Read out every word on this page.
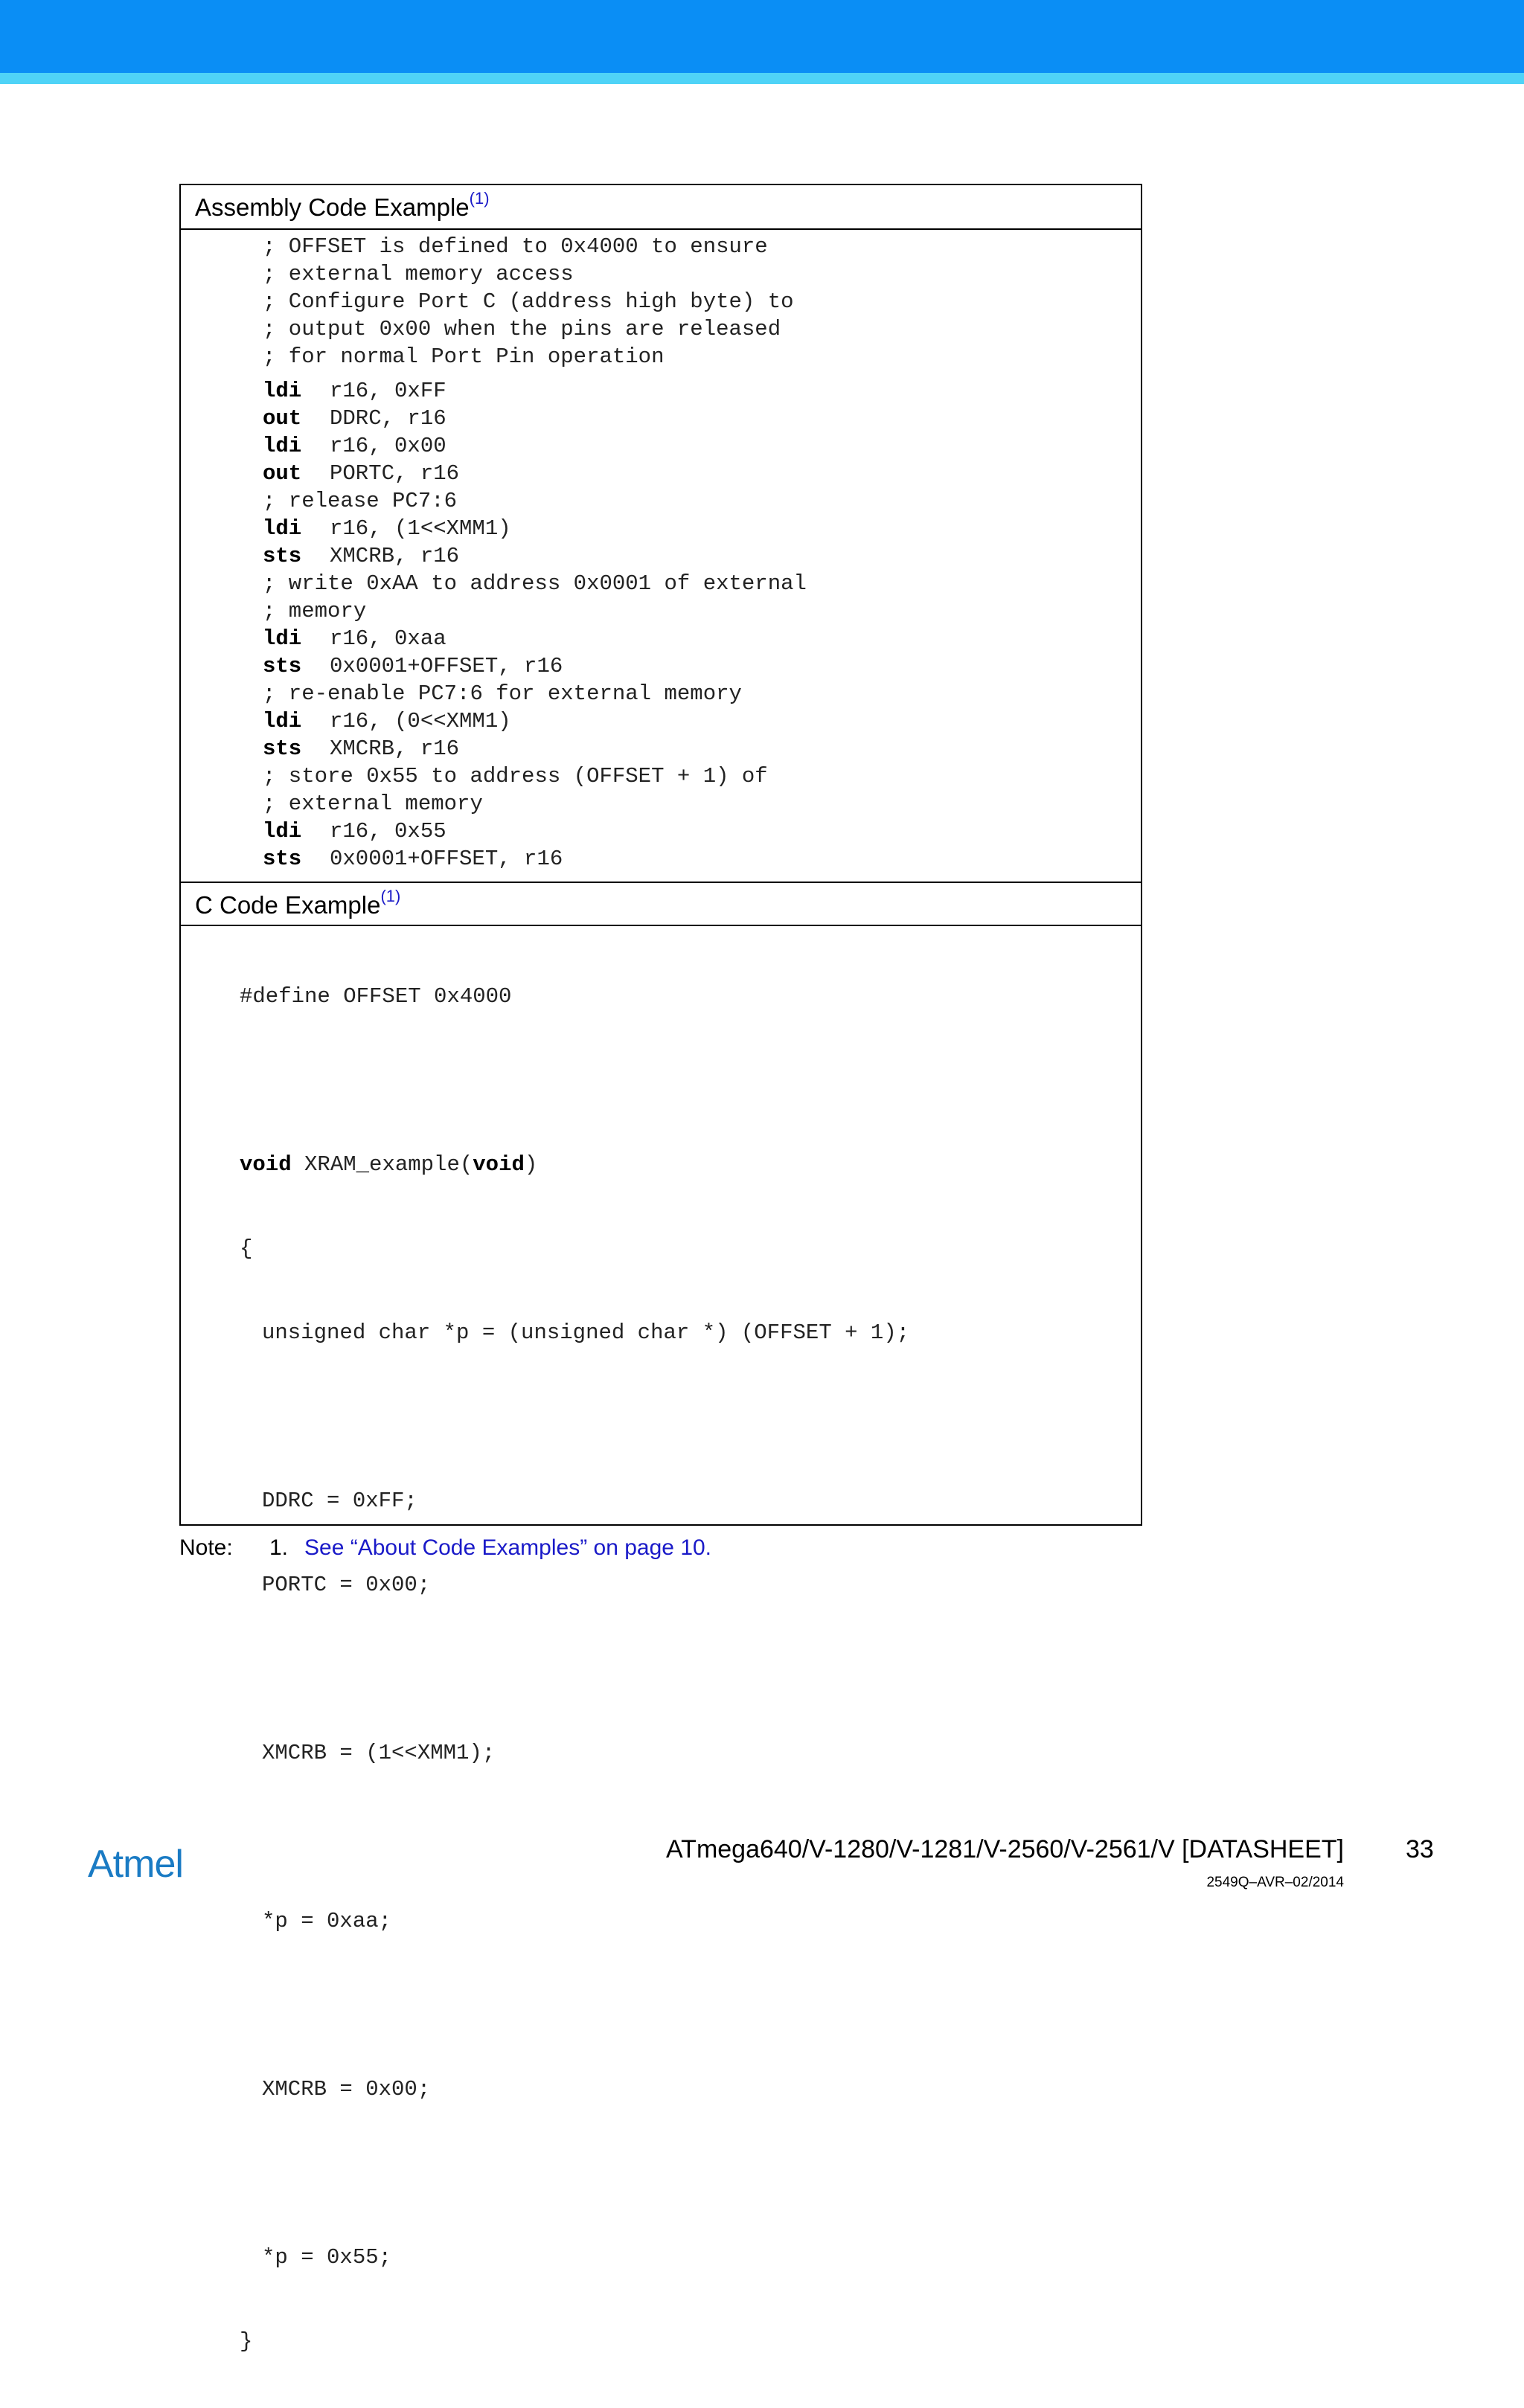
Assembly Code Example$^{(1)}$
; OFFSET is defined to 0x4000 to ensure
; external memory access
; Configure Port C (address high byte) to
; output 0x00 when the pins are released
; for normal Port Pin operation
ldi r16, 0xFF
out DDRC, r16
ldi r16, 0x00
out PORTC, r16
; release PC7:6
ldi r16, (1<<XMM1)
sts XMCRB, r16
; write 0xAA to address 0x0001 of external
; memory
ldi r16, 0xaa
sts 0x0001+OFFSET, r16
; re-enable PC7:6 for external memory
ldi r16, (0<<XMM1)
sts XMCRB, r16
; store 0x55 to address (OFFSET + 1) of
; external memory
ldi r16, 0x55
sts 0x0001+OFFSET, r16
C Code Example$^{(1)}$

#define OFFSET 0x4000

void XRAM_example(void)

{

unsigned char *p = (unsigned char *) (OFFSET + 1);

DDRC = 0xFF;

PORTC = 0x00;

XMCRB = (1<<XMM1);

*p = 0xaa;

XMCRB = 0x00;

*p = 0x55;

}

Note: 1. See “About Code Examples” on page 10.
Atmel	ATmega640/V-1280/V-1281/V-2560/V-2561/V [DATASHEET] 33
2549Q–AVR–02/2014
